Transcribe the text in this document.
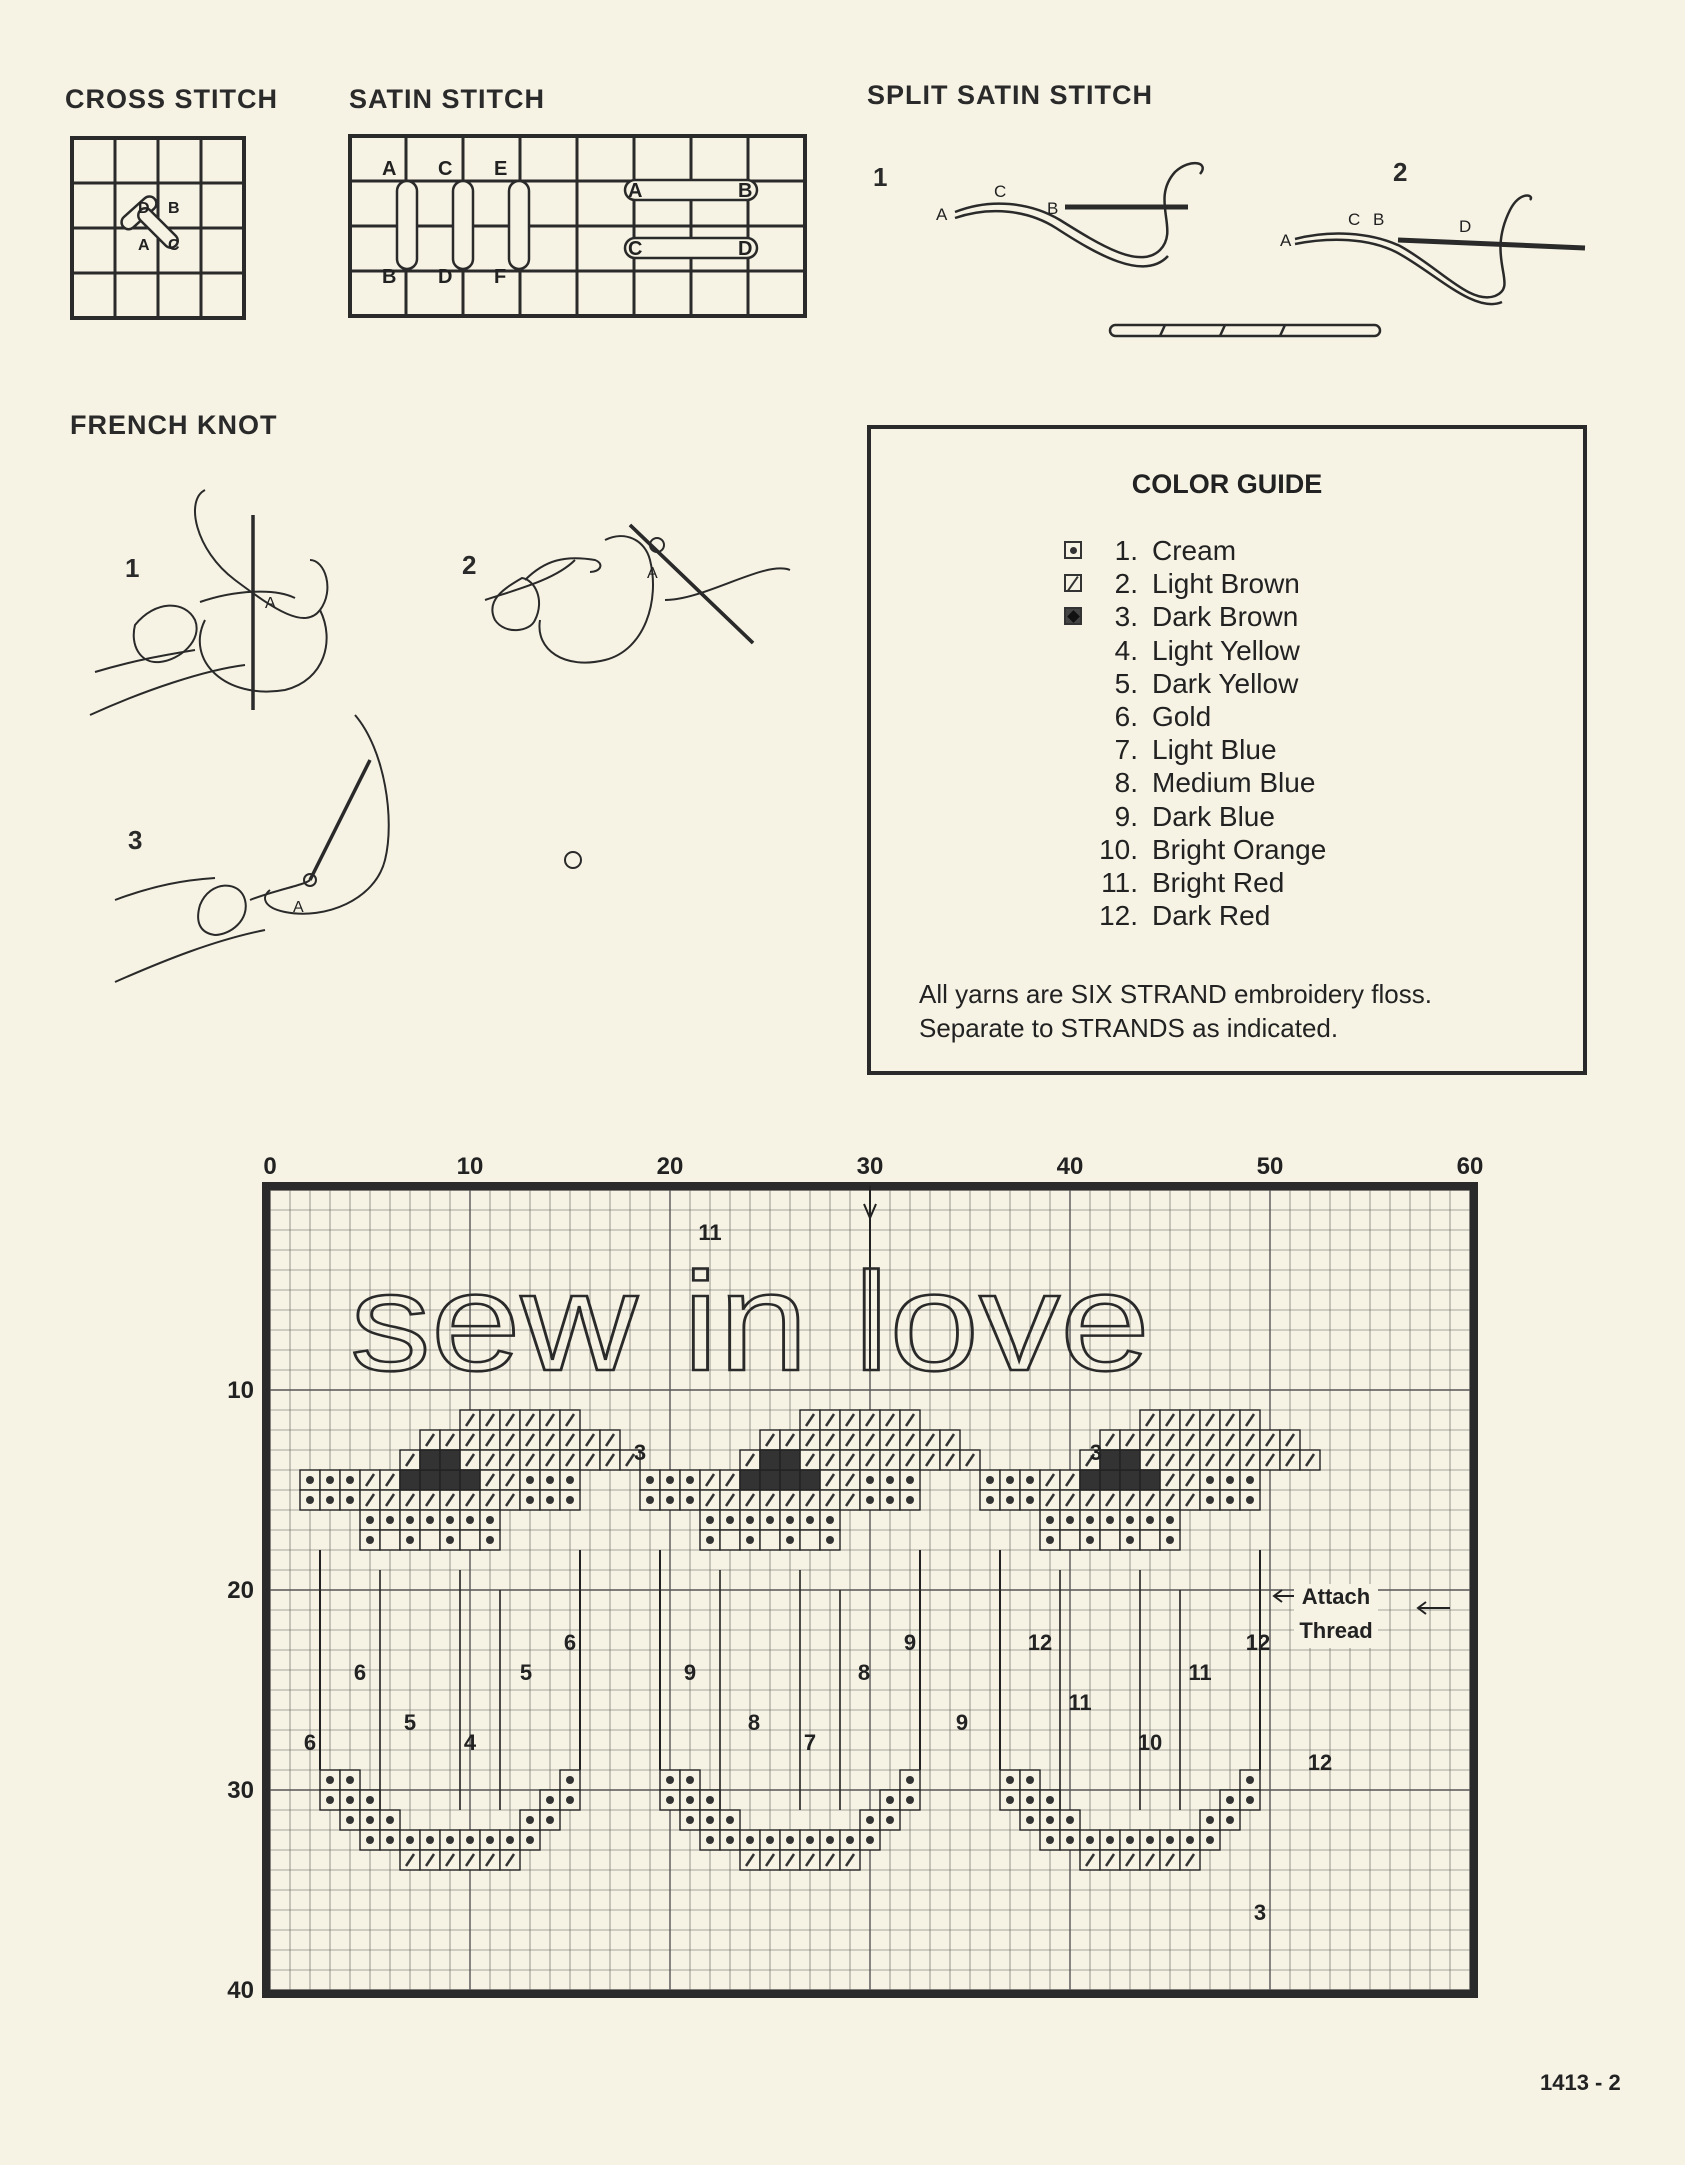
CROSS STITCH	SATIN STITCH	SPLIT SATIN STITCH
FRENCH KNOT
D B
A C
A C E
B D F
A	B
C	D
1	2
A
C
B
A
C B	D
1	2
3
A
A
A
COLOR GUIDE
1. Cream
2. Light Brown
3. Dark Brown
4. Light Yellow
5. Dark Yellow
6. Gold
7. Light Blue
8. Medium Blue
9. Dark Blue
10. Bright Orange
11. Bright Red
12. Dark Red
All yarns are SIX STRAND embroidery floss.
Separate to STRANDS as indicated.
0	10	20	30	40	50	60
10
20
30
40
sew in love
11
3	3
3
6
6
6
5
5
4
9
9
9
8
8
7
12	12
12
11
11
10
Attach
Thread
1413 - 2
